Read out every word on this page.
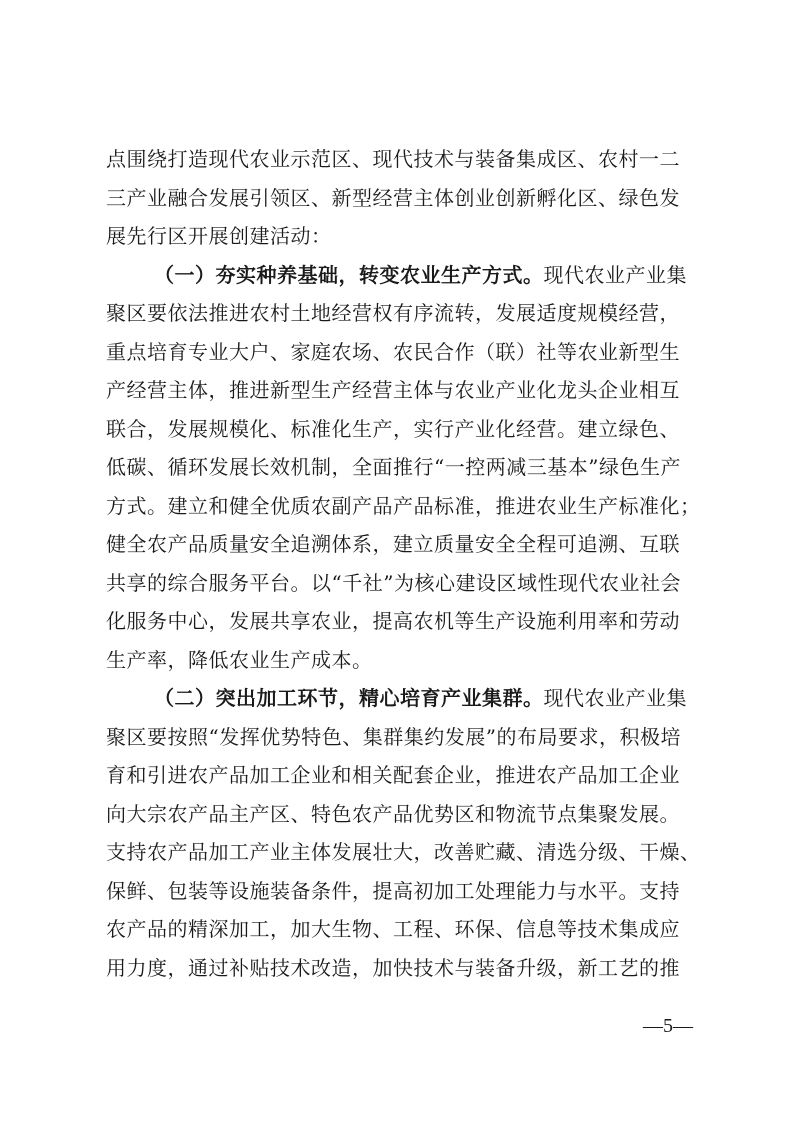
点围绕打造现代农业示范区、现代技术与装备集成区、农村一二
三产业融合发展引领区、新型经营主体创业创新孵化区、绿色发
展先行区开展创建活动：
（一）夯实种养基础，转变农业生产方式。现代农业产业集
聚区要依法推进农村土地经营权有序流转，发展适度规模经营，
重点培育专业大户、家庭农场、农民合作（联）社等农业新型生
产经营主体，推进新型生产经营主体与农业产业化龙头企业相互
联合，发展规模化、标准化生产，实行产业化经营。建立绿色、
低碳、循环发展长效机制，全面推行“一控两减三基本”绿色生产
方式。建立和健全优质农副产品产品标准，推进农业生产标准化；
健全农产品质量安全追溯体系，建立质量安全全程可追溯、互联
共享的综合服务平台。以“千社”为核心建设区域性现代农业社会
化服务中心，发展共享农业，提高农机等生产设施利用率和劳动
生产率，降低农业生产成本。
（二）突出加工环节，精心培育产业集群。现代农业产业集
聚区要按照“发挥优势特色、集群集约发展”的布局要求，积极培
育和引进农产品加工企业和相关配套企业，推进农产品加工企业
向大宗农产品主产区、特色农产品优势区和物流节点集聚发展。
支持农产品加工产业主体发展壮大，改善贮藏、清选分级、干燥、
保鲜、包装等设施装备条件，提高初加工处理能力与水平。支持
农产品的精深加工，加大生物、工程、环保、信息等技术集成应
用力度，通过补贴技术改造，加快技术与装备升级，新工艺的推
—5—
